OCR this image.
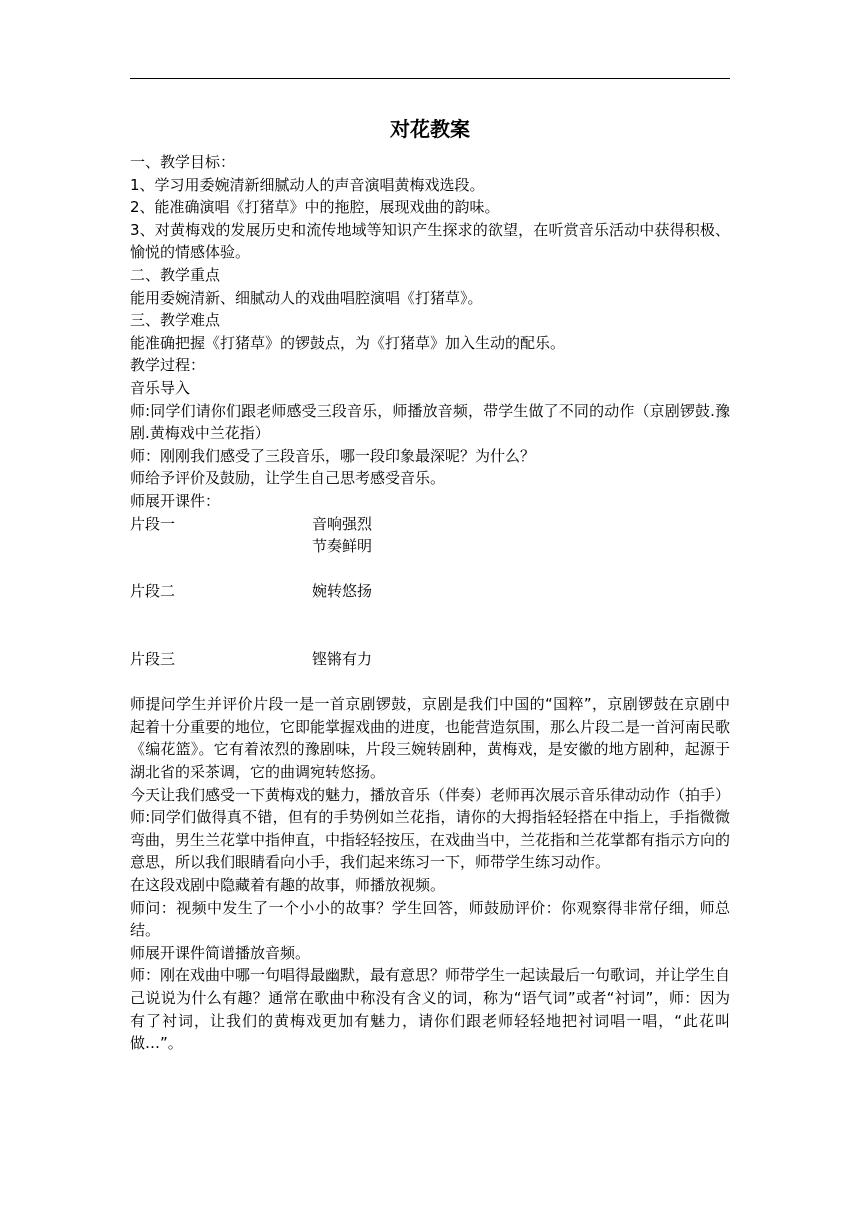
对花教案
一、教学目标：
1、学习用委婉清新细腻动人的声音演唱黄梅戏选段。
2、能准确演唱《打猪草》中的拖腔，展现戏曲的韵味。
3、对黄梅戏的发展历史和流传地域等知识产生探求的欲望，在听赏音乐活动中获得积极、愉悦的情感体验。
二、教学重点
能用委婉清新、细腻动人的戏曲唱腔演唱《打猪草》。
三、教学难点
能准确把握《打猪草》的锣鼓点，为《打猪草》加入生动的配乐。
教学过程：
音乐导入
师:同学们请你们跟老师感受三段音乐，师播放音频，带学生做了不同的动作（京剧锣鼓.豫剧.黄梅戏中兰花指）
师：刚刚我们感受了三段音乐，哪一段印象最深呢？为什么？
师给予评价及鼓励，让学生自己思考感受音乐。
师展开课件：
片段一	音响强烈
节奏鲜明
片段二	婉转悠扬
片段三	铿锵有力
师提问学生并评价片段一是一首京剧锣鼓，京剧是我们中国的“国粹”，京剧锣鼓在京剧中起着十分重要的地位，它即能掌握戏曲的进度，也能营造氛围，那么片段二是一首河南民歌《编花篮》。它有着浓烈的豫剧味，片段三婉转剧种，黄梅戏，是安徽的地方剧种，起源于湖北省的采茶调，它的曲调宛转悠扬。
今天让我们感受一下黄梅戏的魅力，播放音乐（伴奏）老师再次展示音乐律动动作（拍手）
师:同学们做得真不错，但有的手势例如兰花指，请你的大拇指轻轻搭在中指上，手指微微弯曲，男生兰花掌中指伸直，中指轻轻按压，在戏曲当中，兰花指和兰花掌都有指示方向的意思，所以我们眼睛看向小手，我们起来练习一下，师带学生练习动作。
在这段戏剧中隐藏着有趣的故事，师播放视频。
师问：视频中发生了一个小小的故事？学生回答，师鼓励评价：你观察得非常仔细，师总结。
师展开课件简谱播放音频。
师：刚在戏曲中哪一句唱得最幽默，最有意思？师带学生一起读最后一句歌词，并让学生自己说说为什么有趣？通常在歌曲中称没有含义的词，称为“语气词”或者“衬词”，师：因为有了衬词，让我们的黄梅戏更加有魅力，请你们跟老师轻轻地把衬词唱一唱，“此花叫做…”。
